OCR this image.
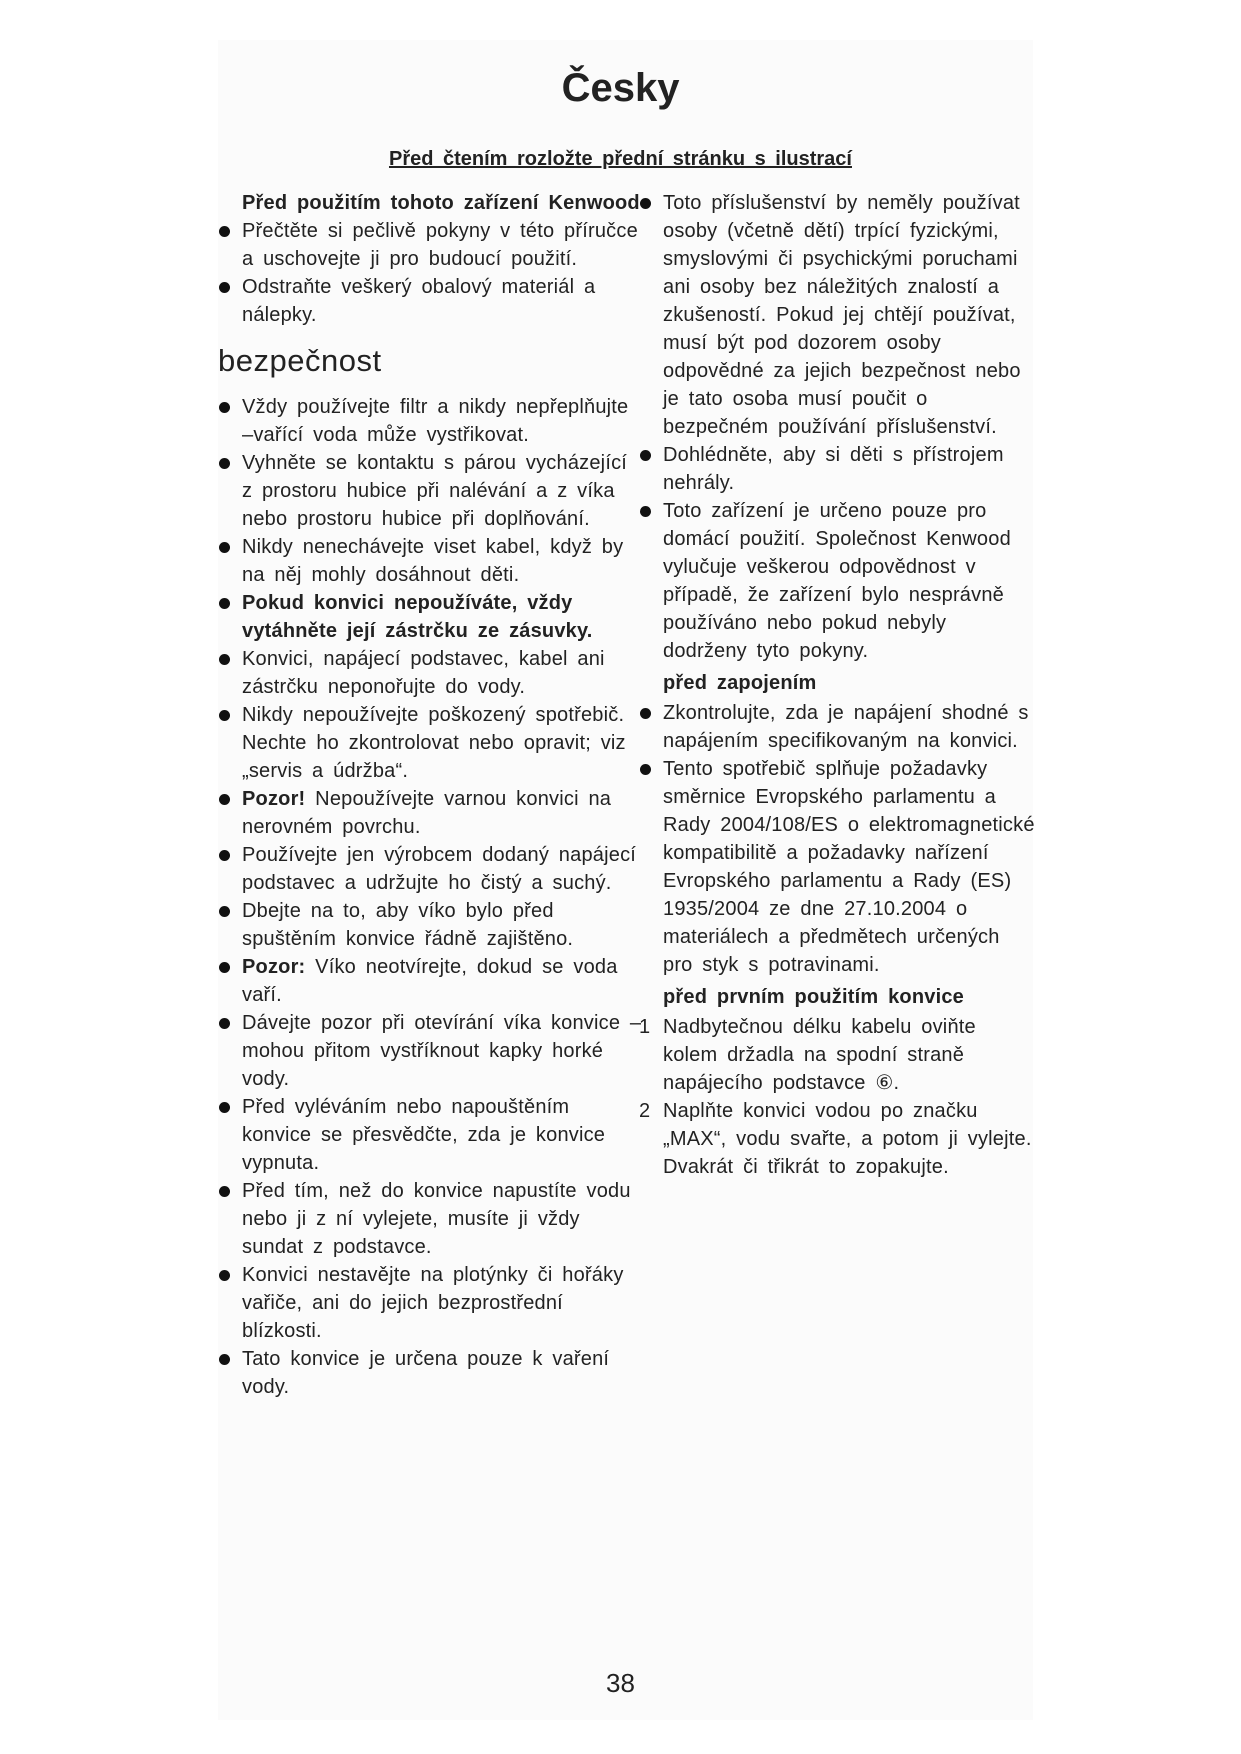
Česky
Před čtením rozložte přední stránku s ilustrací

Před použitím tohoto zařízení Kenwood

Přečtěte si pečlivě pokyny v této příručce a uschovejte ji pro budoucí použití.
Odstraňte veškerý obalový materiál a nálepky.
bezpečnost
Vždy používejte filtr a nikdy nepřeplňujte –vařící voda může vystřikovat.
Vyhněte se kontaktu s párou vycházející z prostoru hubice při nalévání a z víka nebo prostoru hubice při doplňování.
Nikdy nenechávejte viset kabel, když by na něj mohly dosáhnout děti.
Pokud konvici nepoužíváte, vždy vytáhněte její zástrčku ze zásuvky.
Konvici, napájecí podstavec, kabel ani zástrčku neponořujte do vody.
Nikdy nepoužívejte poškozený spotřebič. Nechte ho zkontrolovat nebo opravit; viz „servis a údržba“.
Pozor! Nepoužívejte varnou konvici na nerovném povrchu.
Používejte jen výrobcem dodaný napájecí podstavec a udržujte ho čistý a suchý.
Dbejte na to, aby víko bylo před spuštěním konvice řádně zajištěno.
Pozor: Víko neotvírejte, dokud se voda vaří.
Dávejte pozor při otevírání víka konvice –mohou přitom vystříknout kapky horké vody.
Před vyléváním nebo napouštěním konvice se přesvědčte, zda je konvice vypnuta.
Před tím, než do konvice napustíte vodu nebo ji z ní vylejete, musíte ji vždy sundat z podstavce.
Konvici nestavějte na plotýnky či hořáky vařiče, ani do jejich bezprostřední blízkosti.
Tato konvice je určena pouze k vaření vody.
Toto příslušenství by neměly používat osoby (včetně dětí) trpící fyzickými, smyslovými či psychickými poruchami ani osoby bez náležitých znalostí a zkušeností. Pokud jej chtějí používat, musí být pod dozorem osoby odpovědné za jejich bezpečnost nebo je tato osoba musí poučit o bezpečném používání příslušenství.
Dohlédněte, aby si děti s přístrojem nehrály.
Toto zařízení je určeno pouze pro domácí použití. Společnost Kenwood vylučuje veškerou odpovědnost v případě, že zařízení bylo nesprávně používáno nebo pokud nebyly dodrženy tyto pokyny.

před zapojením

Zkontrolujte, zda je napájení shodné s napájením specifikovaným na konvici.
Tento spotřebič splňuje požadavky směrnice Evropského parlamentu a Rady 2004/108/ES o elektromagnetické kompatibilitě a požadavky nařízení Evropského parlamentu a Rady (ES) 1935/2004 ze dne 27.10.2004 o materiálech a předmětech určených pro styk s potravinami.

před prvním použitím konvice

1 Nadbytečnou délku kabelu oviňte kolem držadla na spodní straně napájecího podstavce ⑥.
2 Naplňte konvici vodou po značku „MAX“, vodu svařte, a potom ji vylejte. Dvakrát či třikrát to zopakujte.
38
